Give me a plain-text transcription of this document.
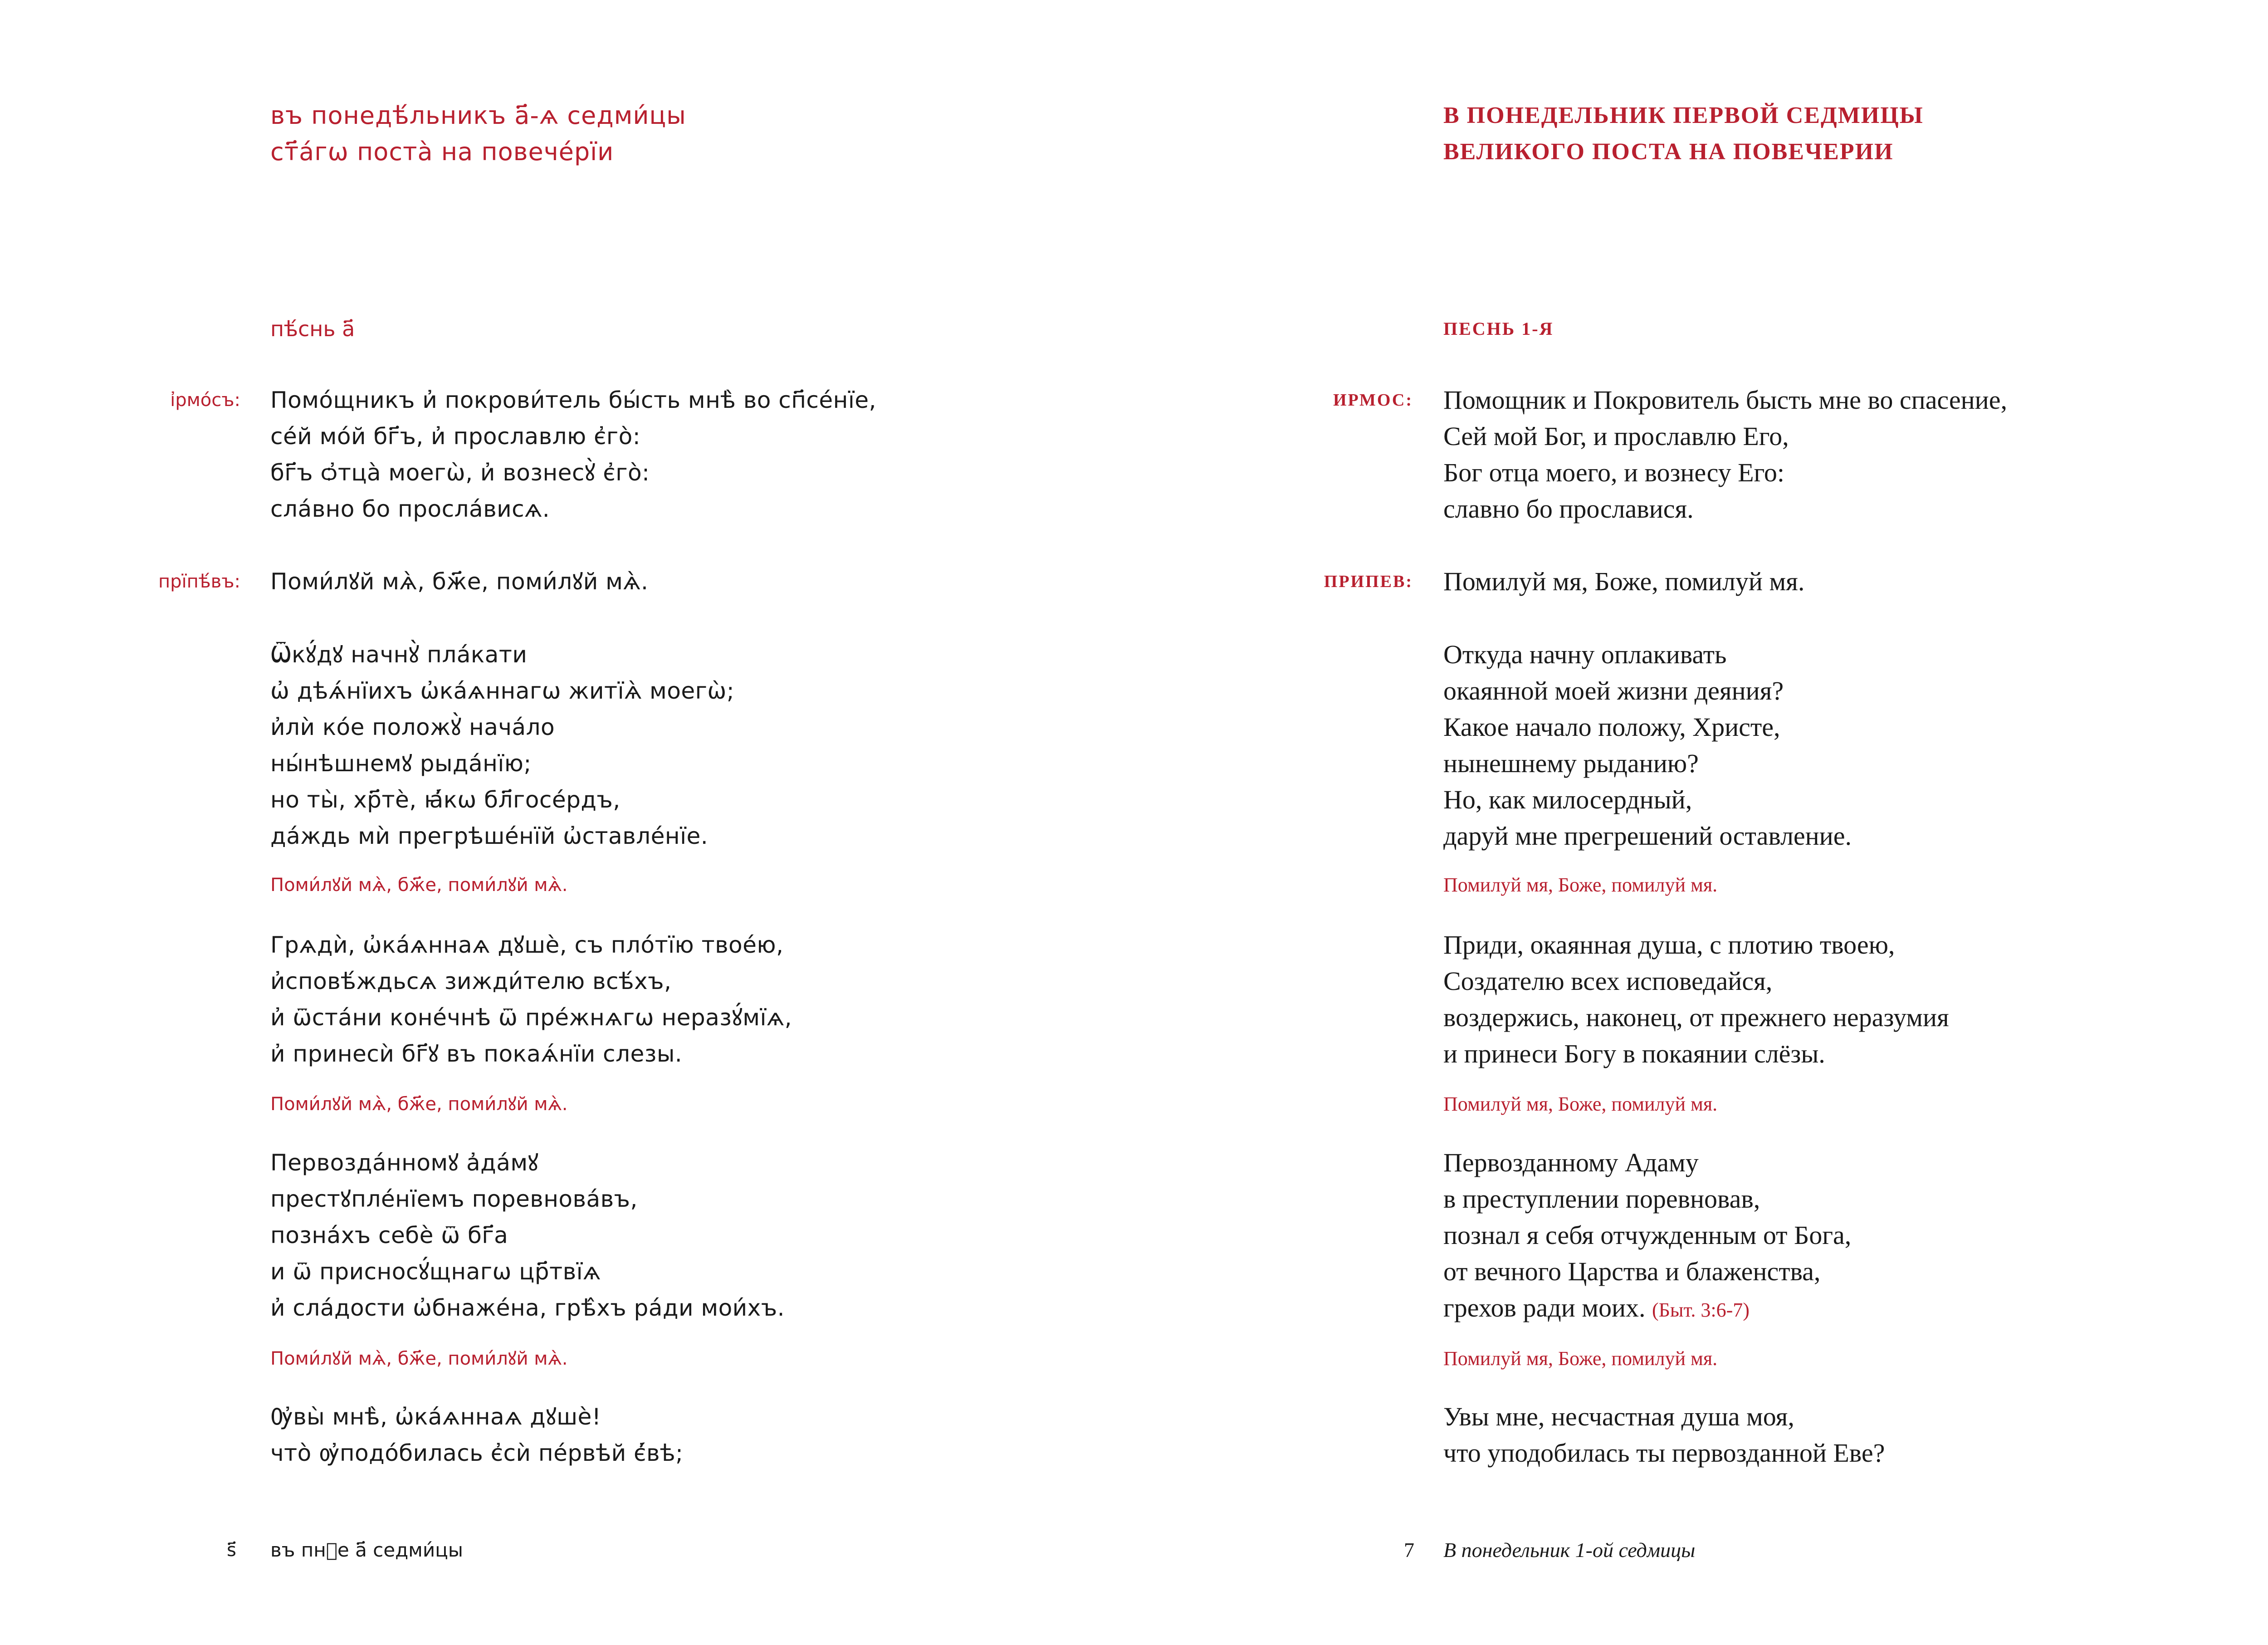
въ понедѣ́льникъ а҃-ѧ седми́цы
ст҃а́гѡ поста̀ на повече́рїи
пѣ́снь а҃
і҆рмо́съ: Помо́щникъ и҆ покрови́тель бы́сть мнѣ̀ во сп҃се́нїе,
се́й мо́й бг҃ъ, и҆ прославлю є҆го̀:
бг҃ъ ѻ҆тца̀ моегѡ̀, и҆ вознесꙋ̀ є҆го̀:
сла́вно бо просла́висѧ.
прїпѣ́въ: Поми́лꙋй мѧ̀, бж҃е, поми́лꙋй мѧ̀.
Ѿкꙋ́дꙋ начнꙋ̀ пла́кати
ѡ҆ дѣѧ́нїихъ ѡ҆ка́ѧннагѡ житїѧ̀ моегѡ̀;
и҆лѝ ко́е положꙋ̀ нача́ло
ны́нѣшнемꙋ рыда́нїю;
но ты̀, хр҃тѐ, ꙗ҆́кѡ бл҃госе́рдъ,
да́ждь мѝ прегрѣше́нїй ѡ҆ставле́нїе.
Поми́лꙋй мѧ̀, бж҃е, поми́лꙋй мѧ̀.
Грѧдѝ, ѡ҆ка́ѧннаѧ дꙋшѐ, съ пло́тїю твое́ю,
и҆сповѣ́ждьсѧ зижди́телю всѣ́хъ,
и҆ ѿста́ни коне́чнѣ ѿ пре́жнѧгѡ неразꙋ́мїѧ,
и҆ принесѝ бг҃ꙋ въ покаѧ́нїи слезы.
Поми́лꙋй мѧ̀, бж҃е, поми́лꙋй мѧ̀.
Первозда́нномꙋ а҆да́мꙋ
престꙋпле́нїемъ поревнова́въ,
позна́хъ себѐ ѿ бг҃а
и ѿ присносꙋ́щнагѡ цр҃твїѧ
и҆ сла́дости ѡ҆бнаже́на, грѣ̂хъ ра́ди мои́хъ.
Поми́лꙋй мѧ̀, бж҃е, поми́лꙋй мѧ̀.
Ѹ҆вы̀ мнѣ̀, ѡ҆ка́ѧннаѧ дꙋшѐ!
что̀ ѹ҆подо́билась є҆сѝ пе́рвѣй є҆́вѣ;
ѕ҃ въ пнⷣе а҃ седми́цы
В ПОНЕДЕЛЬНИК ПЕРВОЙ СЕДМИЦЫ
ВЕЛИКОГО ПОСТА НА ПОВЕЧЕРИИ
ПЕСНЬ 1-Я
ИРМОС: Помощник и Покровитель бысть мне во спасение,
Сей мой Бог, и прославлю Его,
Бог отца моего, и вознесу Его:
славно бо прославися.
ПРИПЕВ: Помилуй мя, Боже, помилуй мя.
Откуда начну оплакивать
окаянной моей жизни деяния?
Какое начало положу, Христе,
нынешнему рыданию?
Но, как милосердный,
даруй мне прегрешений оставление.
Помилуй мя, Боже, помилуй мя.
Приди, окаянная душа, с плотию твоею,
Создателю всех исповедайся,
воздержись, наконец, от прежнего неразумия
и принеси Богу в покаянии слёзы.
Помилуй мя, Боже, помилуй мя.
Первозданному Адаму
в преступлении поревновав,
познал я себя отчужденным от Бога,
от вечного Царства и блаженства,
грехов ради моих. (Быт. 3:6-7)
Помилуй мя, Боже, помилуй мя.
Увы мне, несчастная душа моя,
что уподобилась ты первозданной Еве?
7 В понедельник 1-ой седмицы
